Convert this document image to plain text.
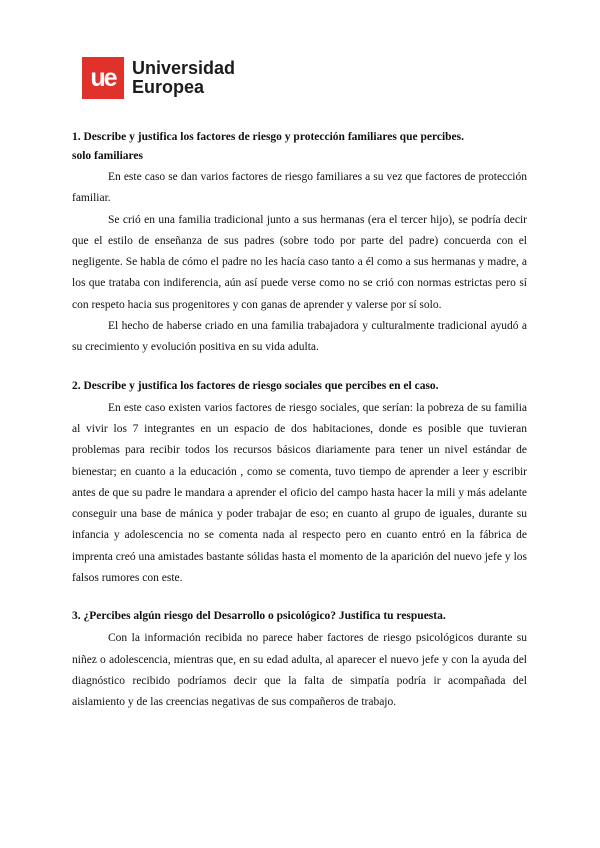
ue Universidad
Europea

1. Describe y justifica los factores de riesgo y protección familiares que percibes.

solo familiares

En este caso se dan varios factores de riesgo familiares a su vez que factores de protección familiar.

Se crió en una familia tradicional junto a sus hermanas (era el tercer hijo), se podría decir que el estilo de enseñanza de sus padres (sobre todo por parte del padre) concuerda con el negligente. Se habla de cómo el padre no les hacía caso tanto a él como a sus hermanas y madre, a los que trataba con indiferencia, aún así puede verse como no se crió con normas estrictas pero sí con respeto hacia sus progenitores y con ganas de aprender y valerse por sí solo.

El hecho de haberse criado en una familia trabajadora y culturalmente tradicional ayudó a su crecimiento y evolución positiva en su vida adulta.

2. Describe y justifica los factores de riesgo sociales que percibes en el caso.

En este caso existen varios factores de riesgo sociales, que serían: la pobreza de su familia al vivir los 7 integrantes en un espacio de dos habitaciones, donde es posible que tuvieran problemas para recibir todos los recursos básicos diariamente para tener un nivel estándar de bienestar; en cuanto a la educación , como se comenta, tuvo tiempo de aprender a leer y escribir antes de que su padre le mandara a aprender el oficio del campo hasta hacer la mili y más adelante conseguir una base de mánica y poder trabajar de eso; en cuanto al grupo de iguales, durante su infancia y adolescencia no se comenta nada al respecto pero en cuanto entró en la fábrica de imprenta creó una amistades bastante sólidas hasta el momento de la aparición del nuevo jefe y los falsos rumores con este.

3. ¿Percibes algún riesgo del Desarrollo o psicológico? Justifica tu respuesta.

Con la información recibida no parece haber factores de riesgo psicológicos durante su niñez o adolescencia, mientras que, en su edad adulta, al aparecer el nuevo jefe y con la ayuda del diagnóstico recibido podríamos decir que la falta de simpatía podría ir acompañada del aislamiento y de las creencias negativas de sus compañeros de trabajo.
